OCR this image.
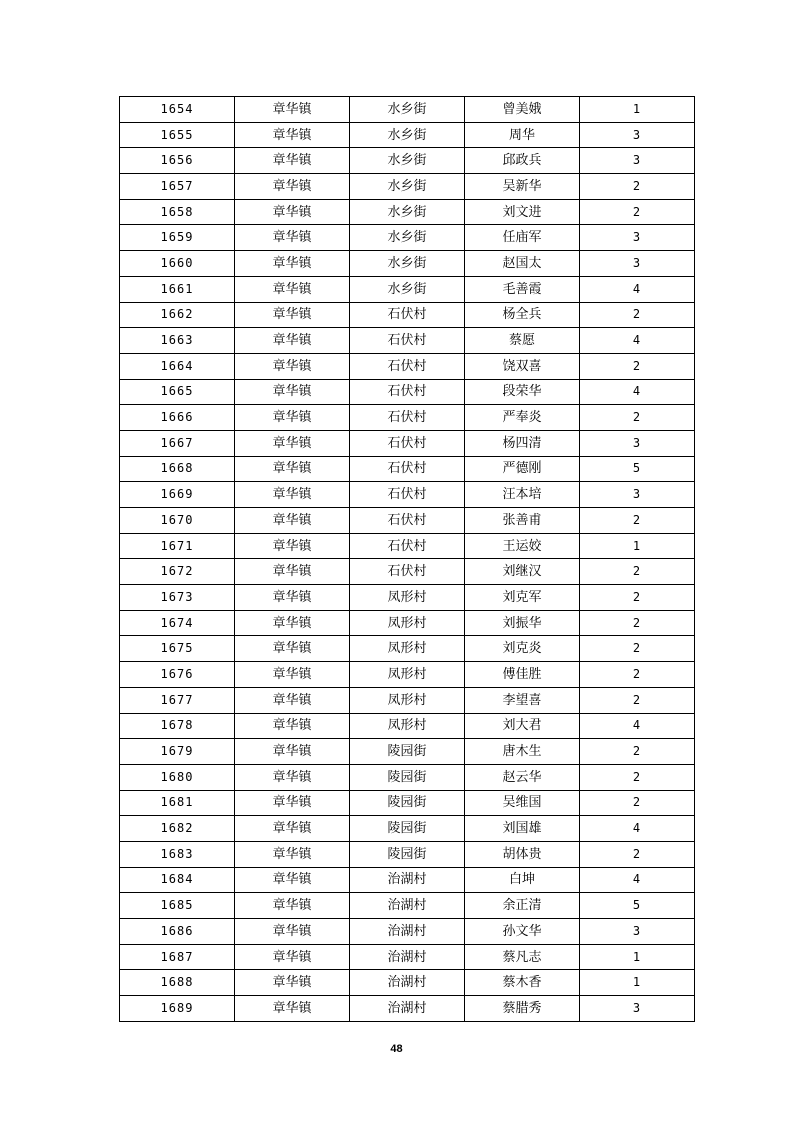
1654	章华镇	水乡街	曾美娥	1
1655	章华镇	水乡街	周华	3
1656	章华镇	水乡街	邱政兵	3
1657	章华镇	水乡街	吴新华	2
1658	章华镇	水乡街	刘文进	2
1659	章华镇	水乡街	任庙军	3
1660	章华镇	水乡街	赵国太	3
1661	章华镇	水乡街	毛善霞	4
1662	章华镇	石伏村	杨全兵	2
1663	章华镇	石伏村	蔡愿	4
1664	章华镇	石伏村	饶双喜	2
1665	章华镇	石伏村	段荣华	4
1666	章华镇	石伏村	严奉炎	2
1667	章华镇	石伏村	杨四清	3
1668	章华镇	石伏村	严德刚	5
1669	章华镇	石伏村	汪本培	3
1670	章华镇	石伏村	张善甫	2
1671	章华镇	石伏村	王运姣	1
1672	章华镇	石伏村	刘继汉	2
1673	章华镇	凤形村	刘克军	2
1674	章华镇	凤形村	刘振华	2
1675	章华镇	凤形村	刘克炎	2
1676	章华镇	凤形村	傅佳胜	2
1677	章华镇	凤形村	李望喜	2
1678	章华镇	凤形村	刘大君	4
1679	章华镇	陵园街	唐木生	2
1680	章华镇	陵园街	赵云华	2
1681	章华镇	陵园街	吴维国	2
1682	章华镇	陵园街	刘国雄	4
1683	章华镇	陵园街	胡体贵	2
1684	章华镇	治湖村	白坤	4
1685	章华镇	治湖村	余正清	5
1686	章华镇	治湖村	孙文华	3
1687	章华镇	治湖村	蔡凡志	1
1688	章华镇	治湖村	蔡木香	1
1689	章华镇	治湖村	蔡腊秀	3
48
